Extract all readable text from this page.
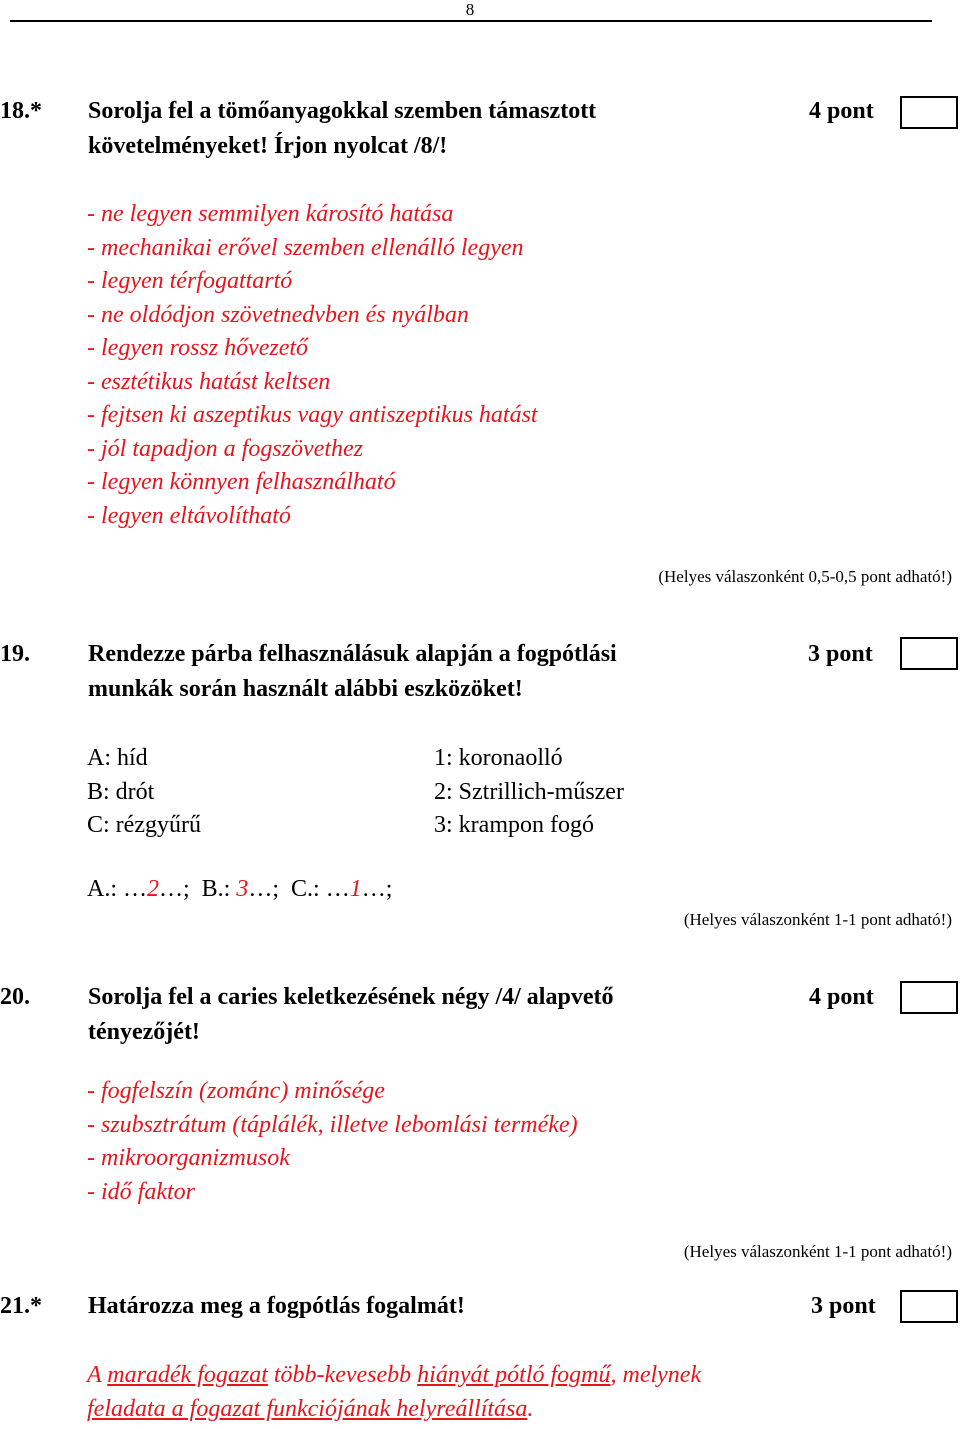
8
18.* Sorolja fel a tömőanyagokkal szemben támasztott
követelményeket! Írjon nyolcat /8/!
4 pont
- ne legyen semmilyen károsító hatása
- mechanikai erővel szemben ellenálló legyen
- legyen térfogattartó
- ne oldódjon szövetnedvben és nyálban
- legyen rossz hővezető
- esztétikus hatást keltsen
- fejtsen ki aszeptikus vagy antiszeptikus hatást
- jól tapadjon a fogszövethez
- legyen könnyen felhasználható
- legyen eltávolítható
(Helyes válaszonként 0,5-0,5 pont adható!)
19. Rendezze párba felhasználásuk alapján a fogpótlási
munkák során használt alábbi eszközöket!
3 pont
A: híd
B: drót
C: rézgyűrű
1: koronaolló
2: Sztrillich-műszer
3: krampon fogó
A.: …2…;  B.: 3…;  C.: …1…;
(Helyes válaszonként 1-1 pont adható!)
20. Sorolja fel a caries keletkezésének négy /4/ alapvető
tényezőjét!
4 pont
- fogfelszín (zománc) minősége
- szubsztrátum (táplálék, illetve lebomlási terméke)
- mikroorganizmusok
- idő faktor
(Helyes válaszonként 1-1 pont adható!)
21.* Határozza meg a fogpótlás fogalmát!	3 pont
A maradék fogazat több-kevesebb hiányát pótló fogmű, melynek
feladata a fogazat funkciójának helyreállítása.
